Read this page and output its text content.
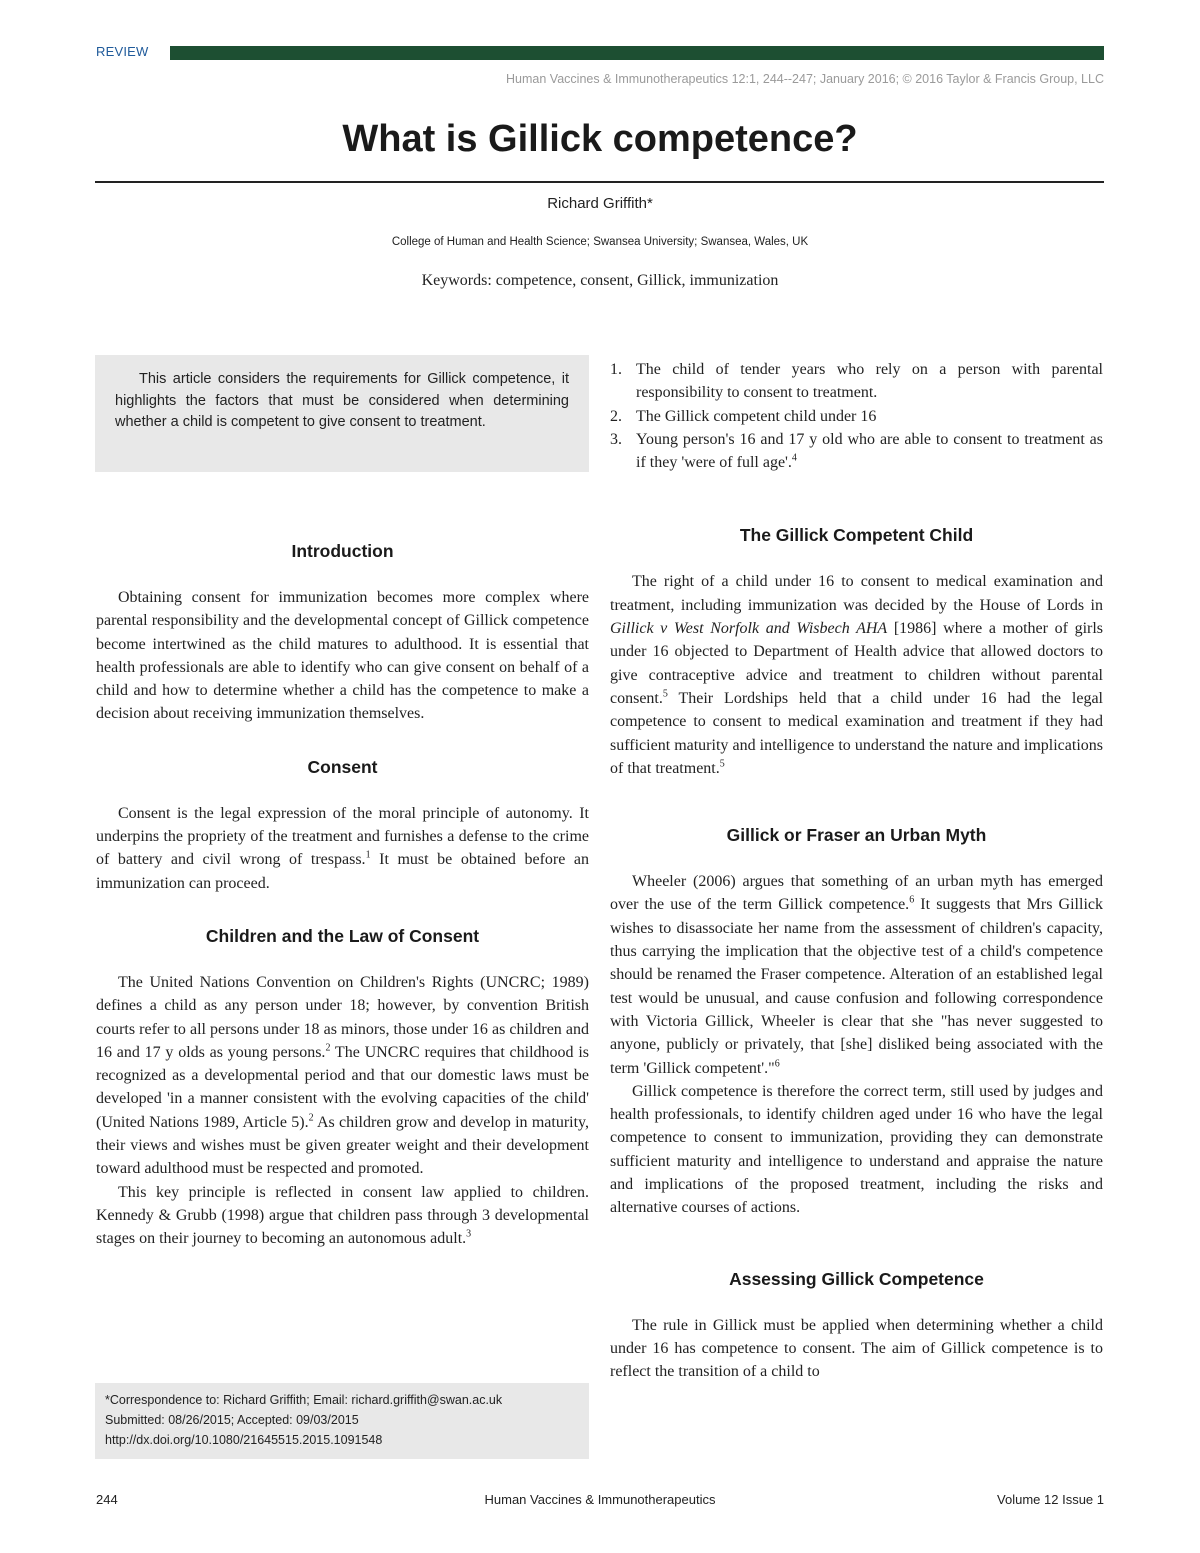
REVIEW
Human Vaccines & Immunotherapeutics 12:1, 244--247; January 2016; © 2016 Taylor & Francis Group, LLC
What is Gillick competence?
Richard Griffith*
College of Human and Health Science; Swansea University; Swansea, Wales, UK
Keywords: competence, consent, Gillick, immunization

This article considers the requirements for Gillick competence, it highlights the factors that must be considered when determining whether a child is competent to give consent to treatment.

Introduction

Obtaining consent for immunization becomes more complex where parental responsibility and the developmental concept of Gillick competence become intertwined as the child matures to adulthood. It is essential that health professionals are able to identify who can give consent on behalf of a child and how to determine whether a child has the competence to make a decision about receiving immunization themselves.

Consent

Consent is the legal expression of the moral principle of autonomy. It underpins the propriety of the treatment and furnishes a defense to the crime of battery and civil wrong of trespass.$^1$ It must be obtained before an immunization can proceed.

Children and the Law of Consent

The United Nations Convention on Children's Rights (UNCRC; 1989) defines a child as any person under 18; however, by convention British courts refer to all persons under 18 as minors, those under 16 as children and 16 and 17 y olds as young persons.$^2$ The UNCRC requires that childhood is recognized as a developmental period and that our domestic laws must be developed 'in a manner consistent with the evolving capacities of the child' (United Nations 1989, Article 5).$^2$ As children grow and develop in maturity, their views and wishes must be given greater weight and their development toward adulthood must be respected and promoted.

This key principle is reflected in consent law applied to children. Kennedy & Grubb (1998) argue that children pass through 3 developmental stages on their journey to becoming an autonomous adult.$^3$

*Correspondence to: Richard Griffith; Email: richard.griffith@swan.ac.uk
Submitted: 08/26/2015; Accepted: 09/03/2015
http://dx.doi.org/10.1080/21645515.2015.1091548
1. The child of tender years who rely on a person with parental responsibility to consent to treatment.
2. The Gillick competent child under 16
3. Young person's 16 and 17 y old who are able to consent to treatment as if they 'were of full age'.$^4$
The Gillick Competent Child

The right of a child under 16 to consent to medical examination and treatment, including immunization was decided by the House of Lords in Gillick v West Norfolk and Wisbech AHA [1986] where a mother of girls under 16 objected to Department of Health advice that allowed doctors to give contraceptive advice and treatment to children without parental consent.$^5$ Their Lordships held that a child under 16 had the legal competence to consent to medical examination and treatment if they had sufficient maturity and intelligence to understand the nature and implications of that treatment.$^5$

Gillick or Fraser an Urban Myth

Wheeler (2006) argues that something of an urban myth has emerged over the use of the term Gillick competence.$^6$ It suggests that Mrs Gillick wishes to disassociate her name from the assessment of children's capacity, thus carrying the implication that the objective test of a child's competence should be renamed the Fraser competence. Alteration of an established legal test would be unusual, and cause confusion and following correspondence with Victoria Gillick, Wheeler is clear that she "has never suggested to anyone, publicly or privately, that [she] disliked being associated with the term 'Gillick competent'."$^6$

Gillick competence is therefore the correct term, still used by judges and health professionals, to identify children aged under 16 who have the legal competence to consent to immunization, providing they can demonstrate sufficient maturity and intelligence to understand and appraise the nature and implications of the proposed treatment, including the risks and alternative courses of actions.

Assessing Gillick Competence

The rule in Gillick must be applied when determining whether a child under 16 has competence to consent. The aim of Gillick competence is to reflect the transition of a child to

244	Human Vaccines & Immunotherapeutics	Volume 12 Issue 1
